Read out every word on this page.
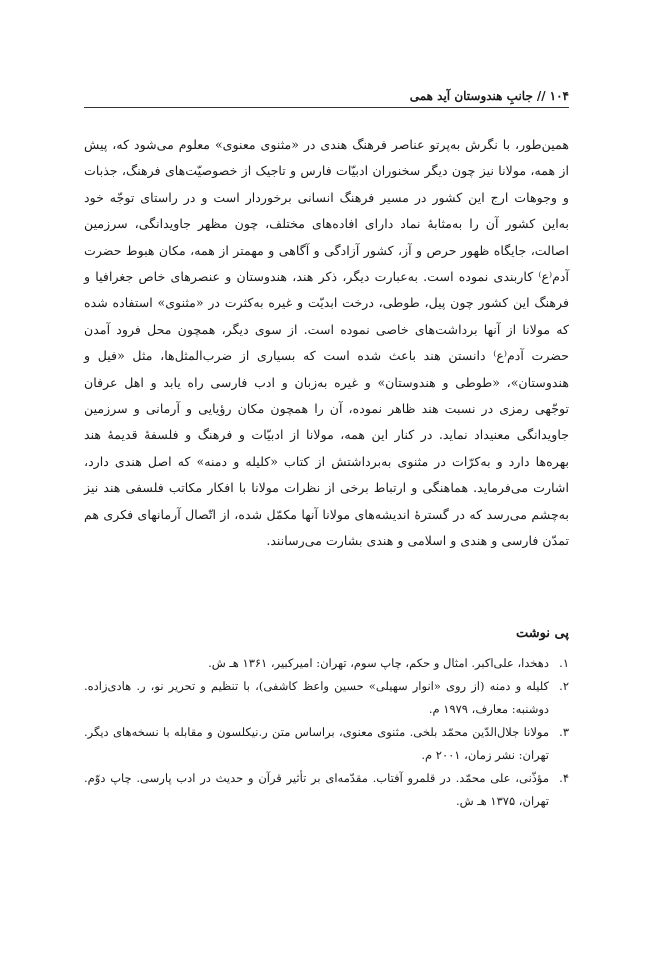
۱۰۴
//
جانبِ هندوستان آید همی
همین‌طور، با نگرش به‌پرتو عناصر فرهنگ هندی در «مثنوی معنوی» معلوم می‌شود که، پیش از همه، مولانا نیز چون دیگر سخنوران ادبیّات فارس و تاجیک از خصوصیّت‌های فرهنگ، جذبات و وجوهات ارج این کشور در مسیر فرهنگ انسانی برخوردار است و در راستای توجّه خود به‌این کشور آن را به‌مثابهٔ نماد دارای افاده‌های مختلف، چون مظهر جاویدانگی، سرزمین اصالت، جایگاه ظهور حرص و آز، کشور آزادگی و آگاهی و مهمتر از همه، مکان هبوط حضرت آدم⁽ع⁾ کاربندی نموده است. به‌عبارت دیگر، ذکر هند، هندوستان و عنصرهای خاص جغرافیا و فرهنگ این کشور چون پیل، طوطی، درخت ابدیّت و غیره به‌کثرت در «مثنوی» استفاده شده که مولانا از آنها برداشت‌های خاصی نموده است. از سوی دیگر، همچون محل فرود آمدن حضرت آدم⁽ع⁾ دانستن هند باعث شده است که بسیاری از ضرب‌المثل‌ها، مثل «فیل و هندوستان»، «طوطی و هندوستان» و غیره به‌زبان و ادب فارسی راه یابد و اهل عرفان توجّهی رمزی در نسبت هند ظاهر نموده، آن را همچون مکان رؤیایی و آرمانی و سرزمین جاویدانگی معنیداد نماید. در کنار این همه، مولانا از ادبیّات و فرهنگ و فلسفهٔ قدیمهٔ هند بهره‌ها دارد و به‌کرّات در مثنوی به‌برداشتش از کتاب «کلیله و دمنه» که اصل هندی دارد، اشارت می‌فرماید. هماهنگی و ارتباط برخی از نظرات مولانا با افکار مکاتب فلسفی هند نیز به‌چشم می‌رسد که در گسترهٔ اندیشه‌های مولانا آنها مکمّل شده، از اتّصال آرمانهای فکری هم تمدّن فارسی و هندی و اسلامی و هندی بشارت می‌رسانند.
پی نوشت
۱.
دهخدا، علی‌اکبر. امثال و حکم، چاپ سوم، تهران: امیرکبیر، ۱۳۶۱ هـ ش.
۲.
کلیله و دمنه (از روی «انوار سهیلی» حسین واعظ کاشفی)، با تنظیم و تحریر نو، ر. هادی‌زاده. دوشنبه: معارف، ۱۹۷۹ م.
۳.
مولانا جلال‌الدّین محمّد بلخی. مثنوی معنوی، براساس متن ر.نیکلسون و مقابله با نسخه‌های دیگر. تهران: نشر زمان، ۲۰۰۱ م.
۴.
مؤذّنی، علی محمّد. در قلمرو آفتاب. مقدّمه‌ای بر تأثیر قرآن و حدیث در ادب پارسی. چاپ دوّم. تهران، ۱۳۷۵ هـ ش.
